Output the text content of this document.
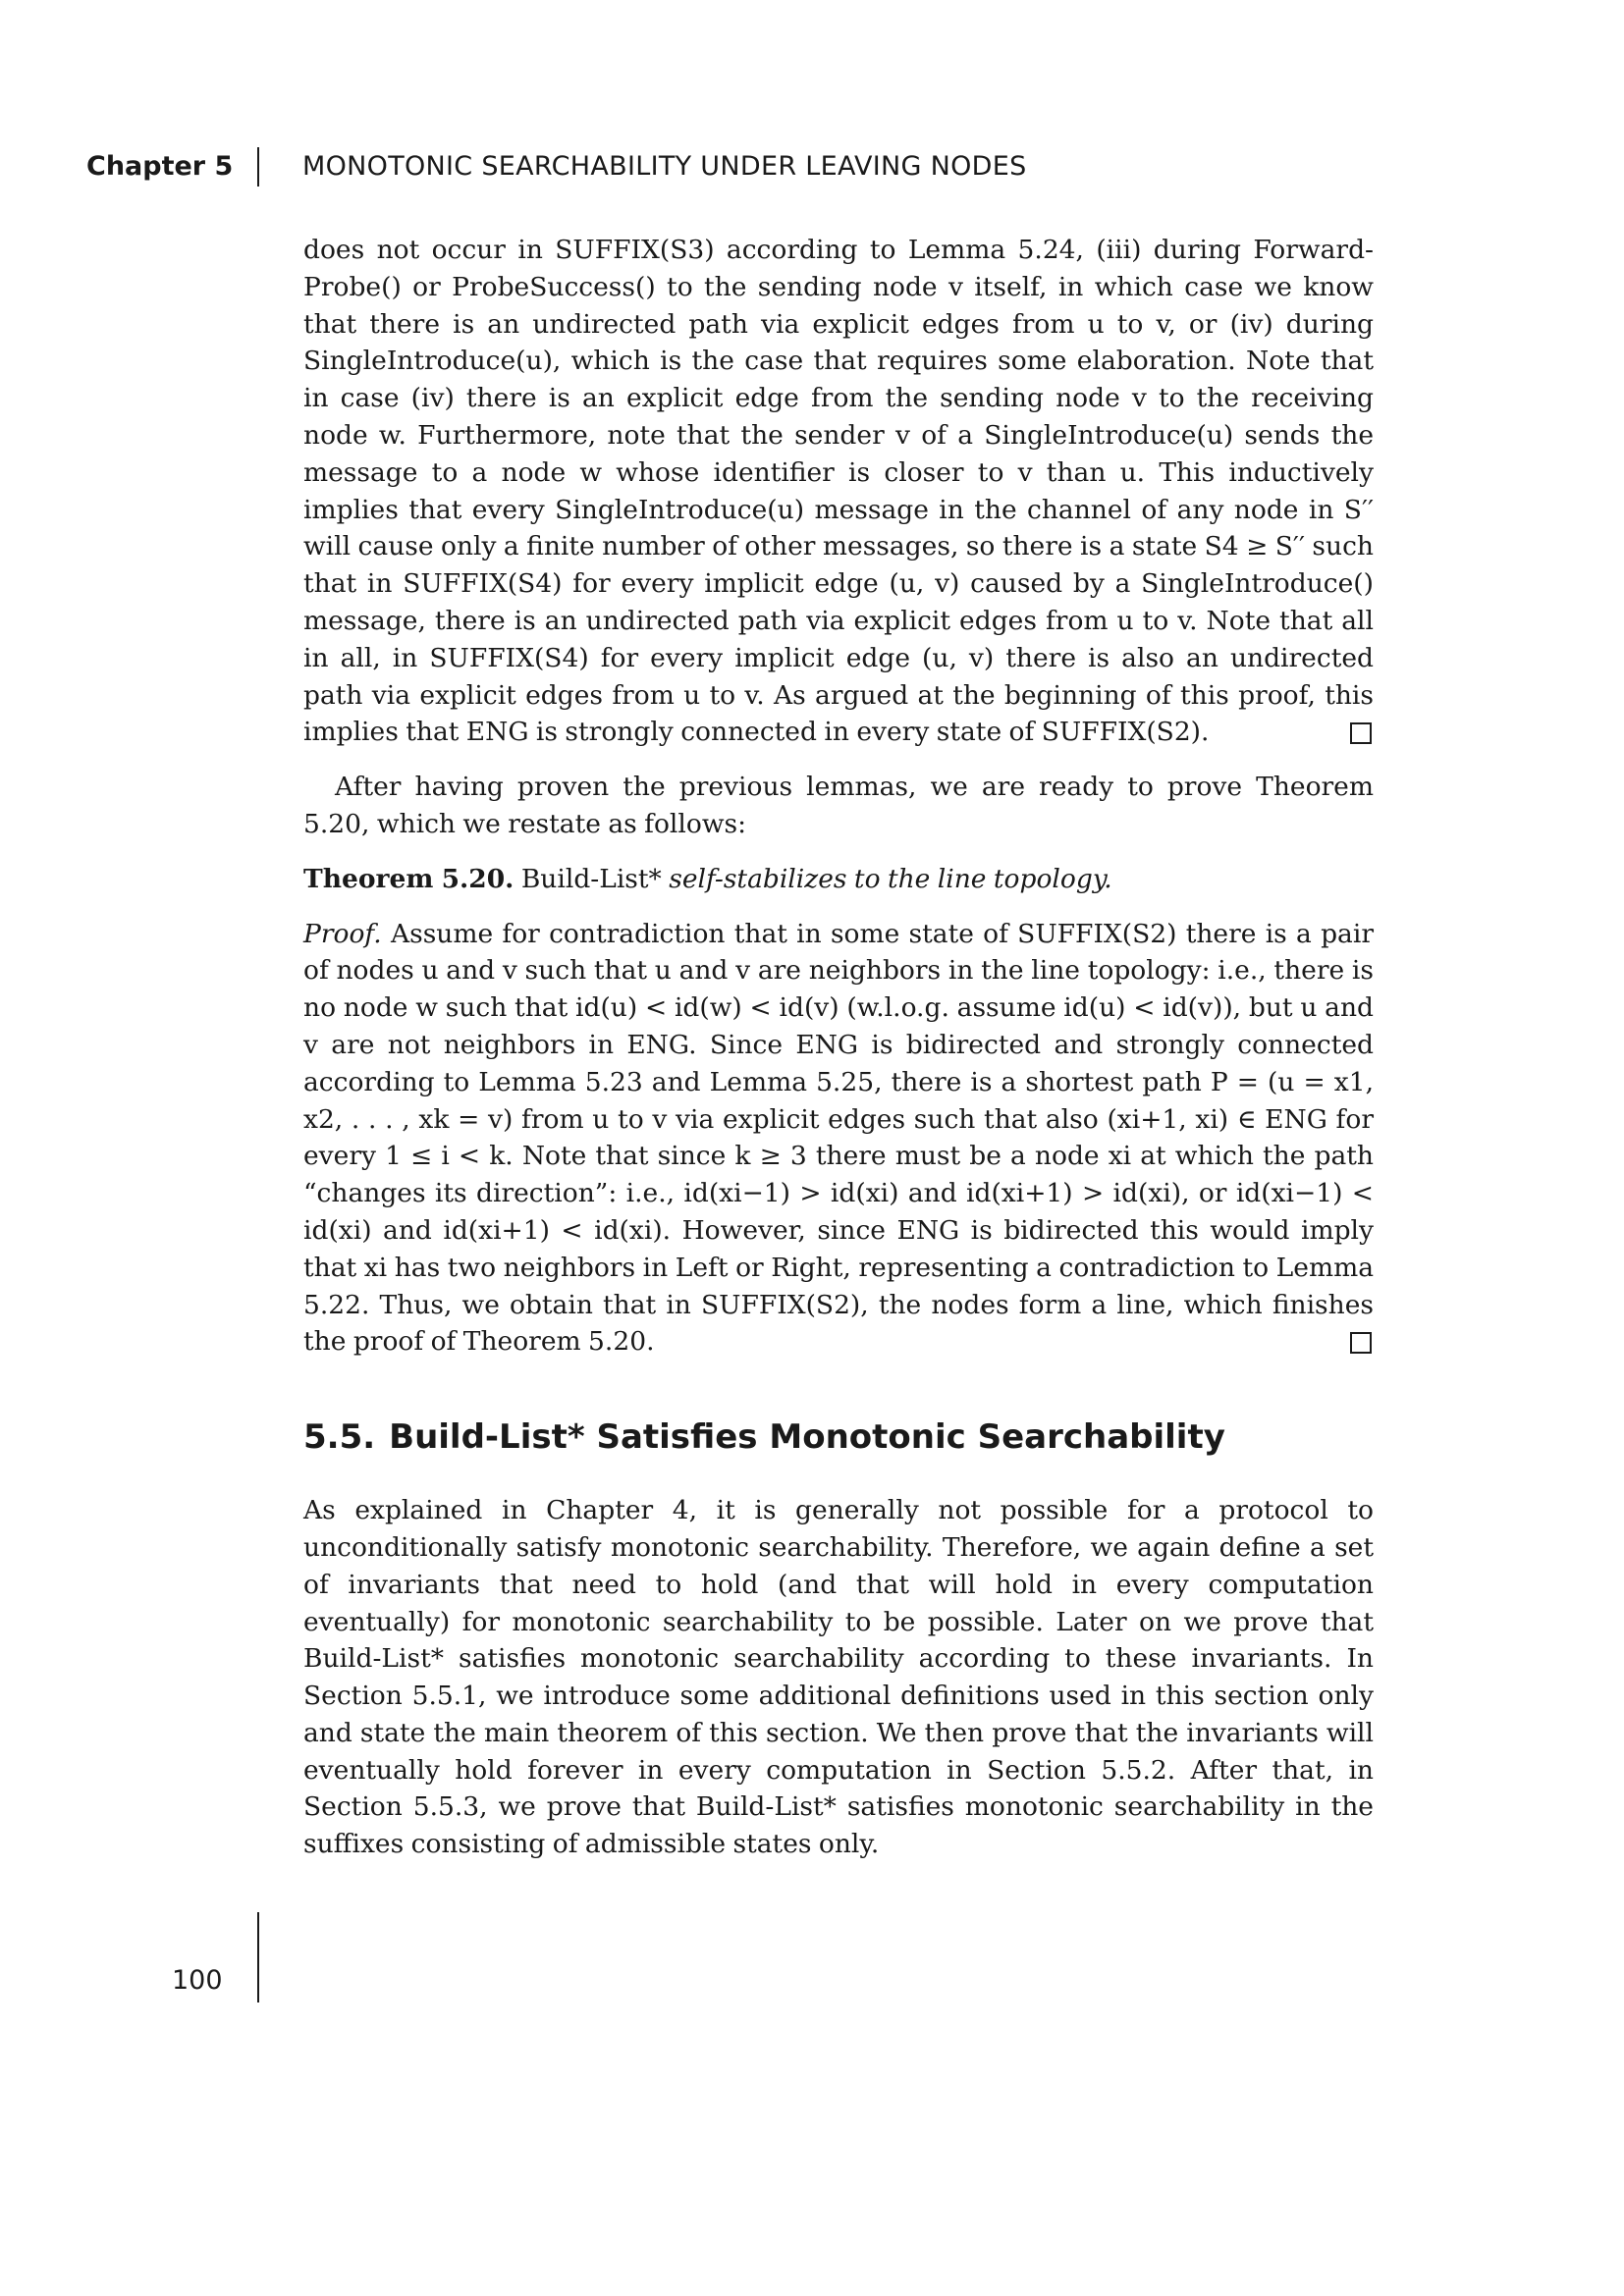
Chapter 5	MONOTONIC SEARCHABILITY UNDER LEAVING NODES

does not occur in SUFFIX(S3) according to Lemma 5.24, (iii) during Forward-Probe() or ProbeSuccess() to the sending node v itself, in which case we know that there is an undirected path via explicit edges from u to v, or (iv) during SingleIntroduce(u), which is the case that requires some elaboration. Note that in case (iv) there is an explicit edge from the sending node v to the receiving node w. Furthermore, note that the sender v of a SingleIntroduce(u) sends the message to a node w whose identifier is closer to v than u. This inductively implies that every SingleIntroduce(u) message in the channel of any node in S′′ will cause only a finite number of other messages, so there is a state S4 ≥ S′′ such that in SUFFIX(S4) for every implicit edge (u, v) caused by a SingleIntroduce() message, there is an undirected path via explicit edges from u to v. Note that all in all, in SUFFIX(S4) for every implicit edge (u, v) there is also an undirected path via explicit edges from u to v. As argued at the beginning of this proof, this implies that ENG is strongly connected in every state of SUFFIX(S2).

After having proven the previous lemmas, we are ready to prove Theorem 5.20, which we restate as follows:

Theorem 5.20. Build-List* self-stabilizes to the line topology.

Proof. Assume for contradiction that in some state of SUFFIX(S2) there is a pair of nodes u and v such that u and v are neighbors in the line topology: i.e., there is no node w such that id(u) < id(w) < id(v) (w.l.o.g. assume id(u) < id(v)), but u and v are not neighbors in ENG. Since ENG is bidirected and strongly connected according to Lemma 5.23 and Lemma 5.25, there is a shortest path P = (u = x1, x2, . . . , xk = v) from u to v via explicit edges such that also (xi+1, xi) ∈ ENG for every 1 ≤ i < k. Note that since k ≥ 3 there must be a node xi at which the path “changes its direction”: i.e., id(xi−1) > id(xi) and id(xi+1) > id(xi), or id(xi−1) < id(xi) and id(xi+1) < id(xi). However, since ENG is bidirected this would imply that xi has two neighbors in Left or Right, representing a contradiction to Lemma 5.22. Thus, we obtain that in SUFFIX(S2), the nodes form a line, which finishes the proof of Theorem 5.20.

5.5. Build-List* Satisfies Monotonic Searchability

As explained in Chapter 4, it is generally not possible for a protocol to unconditionally satisfy monotonic searchability. Therefore, we again define a set of invariants that need to hold (and that will hold in every computation eventually) for monotonic searchability to be possible. Later on we prove that Build-List* satisfies monotonic searchability according to these invariants. In Section 5.5.1, we introduce some additional definitions used in this section only and state the main theorem of this section. We then prove that the invariants will eventually hold forever in every computation in Section 5.5.2. After that, in Section 5.5.3, we prove that Build-List* satisfies monotonic searchability in the suffixes consisting of admissible states only.

100
